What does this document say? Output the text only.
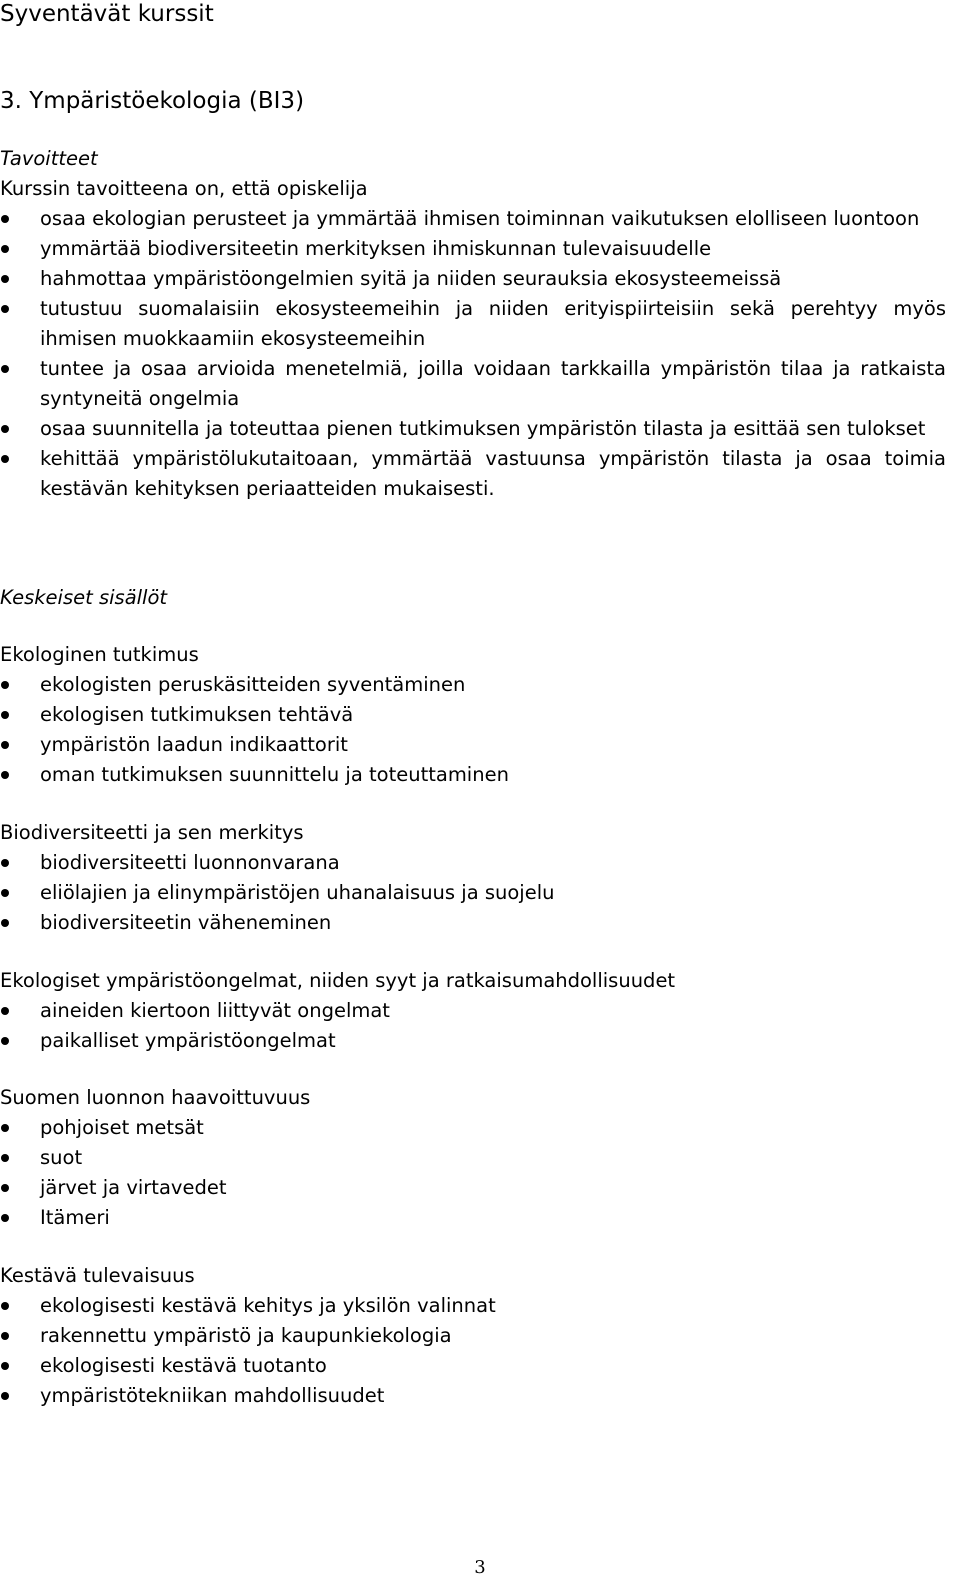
Syventävät kurssit
3. Ympäristöekologia (BI3)
Tavoitteet
Kurssin tavoitteena on, että opiskelija
osaa ekologian perusteet ja ymmärtää ihmisen toiminnan vaikutuksen elolliseen luontoon
ymmärtää biodiversiteetin merkityksen ihmiskunnan tulevaisuudelle
hahmottaa ympäristöongelmien syitä ja niiden seurauksia ekosysteemeissä
tutustuu suomalaisiin ekosysteemeihin ja niiden erityispiirteisiin sekä perehtyy myös ihmisen muokkaamiin ekosysteemeihin
tuntee ja osaa arvioida menetelmiä, joilla voidaan tarkkailla ympäristön tilaa ja ratkaista syntyneitä ongelmia
osaa suunnitella ja toteuttaa pienen tutkimuksen ympäristön tilasta ja esittää sen tulokset
kehittää ympäristölukutaitoaan, ymmärtää vastuunsa ympäristön tilasta ja osaa toimia kestävän kehityksen periaatteiden mukaisesti.
Keskeiset sisällöt
Ekologinen tutkimus
ekologisten peruskäsitteiden syventäminen
ekologisen tutkimuksen tehtävä
ympäristön laadun indikaattorit
oman tutkimuksen suunnittelu ja toteuttaminen
Biodiversiteetti ja sen merkitys
biodiversiteetti luonnonvarana
eliölajien ja elinympäristöjen uhanalaisuus ja suojelu
biodiversiteetin väheneminen
Ekologiset ympäristöongelmat, niiden syyt ja ratkaisumahdollisuudet
aineiden kiertoon liittyvät ongelmat
paikalliset ympäristöongelmat
Suomen luonnon haavoittuvuus
pohjoiset metsät
suot
järvet ja virtavedet
Itämeri
Kestävä tulevaisuus
ekologisesti kestävä kehitys ja yksilön valinnat
rakennettu ympäristö ja kaupunkiekologia
ekologisesti kestävä tuotanto
ympäristötekniikan mahdollisuudet
3
